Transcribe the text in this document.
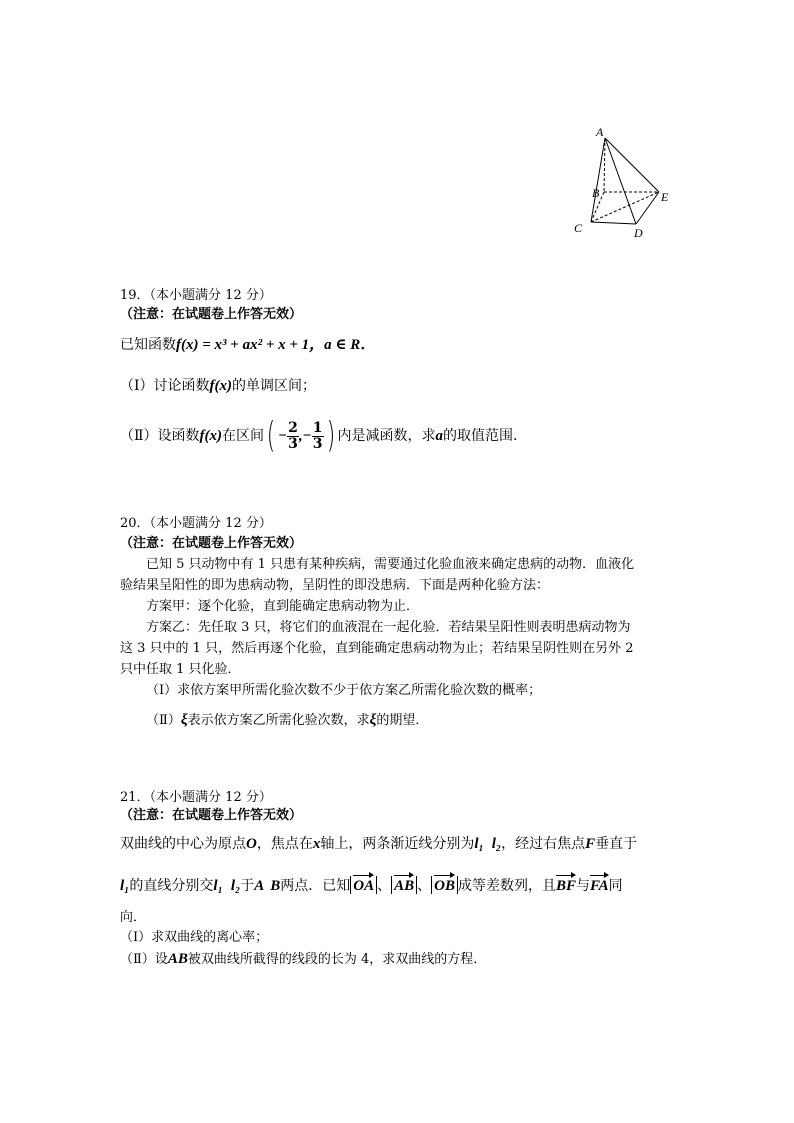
A
B
C	D
E
19．（本小题满分 12 分）
（注意：在试题卷上作答无效）
已知函数f(x) = x³ + ax² + x + 1，a ∈ R．
（Ⅰ）讨论函数f(x)的单调区间；
（Ⅱ）设函数f(x)在区间( − $\frac{2}{3}$ ,− $\frac{1}{3}$ ) 内是减函数，求a的取值范围．
20．（本小题满分 12 分）
（注意：在试题卷上作答无效）
已知 5 只动物中有 1 只患有某种疾病，需要通过化验血液来确定患病的动物．血液化
验结果呈阳性的即为患病动物，呈阴性的即没患病．下面是两种化验方法：
方案甲：逐个化验，直到能确定患病动物为止．
方案乙：先任取 3 只，将它们的血液混在一起化验．若结果呈阳性则表明患病动物为
这 3 只中的 1 只，然后再逐个化验，直到能确定患病动物为止；若结果呈阴性则在另外 2
只中任取 1 只化验．
（Ⅰ）求依方案甲所需化验次数不少于依方案乙所需化验次数的概率；
（Ⅱ）ξ表示依方案乙所需化验次数，求ξ的期望．
21．（本小题满分 12 分）
（注意：在试题卷上作答无效）
双曲线的中心为原点O，焦点在x轴上，两条渐近线分别为l₁ l₂，经过右焦点F垂直于
l₁的直线分别交l₁ l₂于A B两点．已知 OA 、 AB 、 OB 成等差数列，且BF与FA同
向．
（Ⅰ）求双曲线的离心率；
（Ⅱ）设AB被双曲线所截得的线段的长为 4，求双曲线的方程．
